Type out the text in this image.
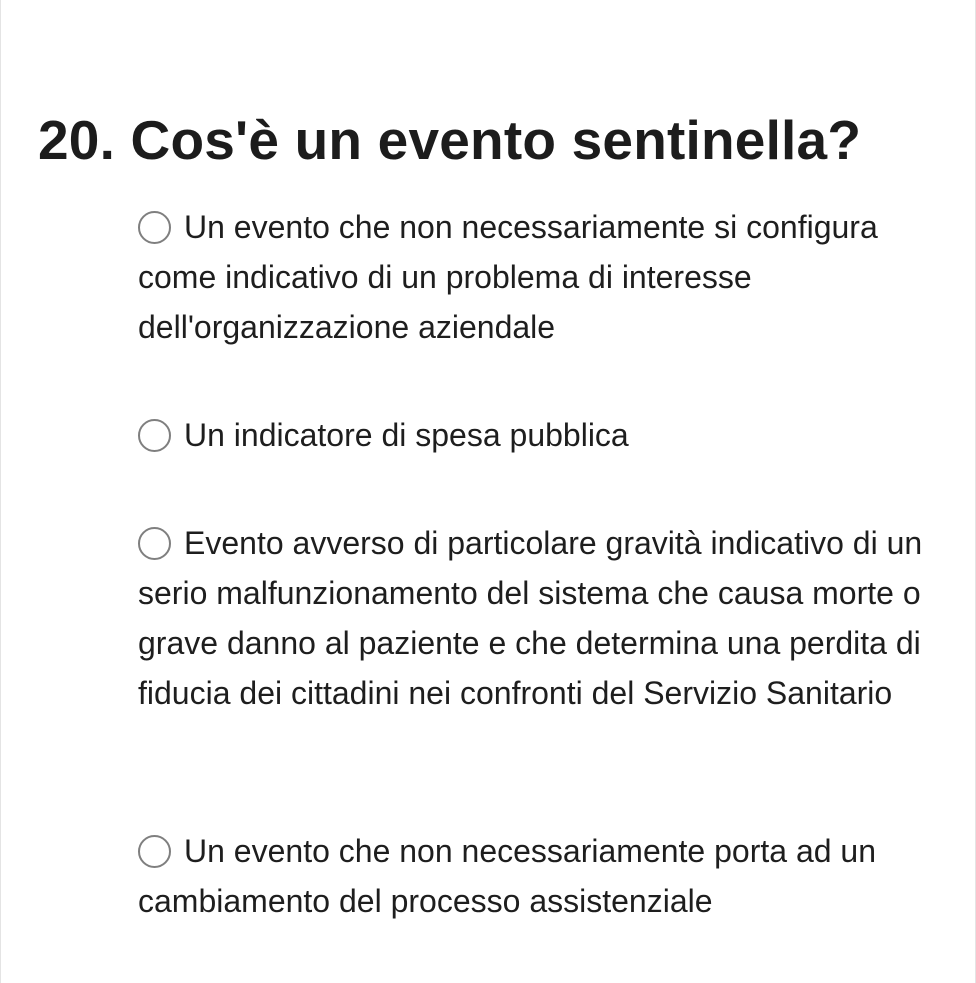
20. Cos'è un evento sentinella?
Un evento che non necessariamente si configura come indicativo di un problema di interesse dell'organizzazione aziendale
Un indicatore di spesa pubblica
Evento avverso di particolare gravità indicativo di un serio malfunzionamento del sistema che causa morte o grave danno al paziente e che determina una perdita di fiducia dei cittadini nei confronti del Servizio Sanitario
Un evento che non necessariamente porta ad un cambiamento del processo assistenziale
